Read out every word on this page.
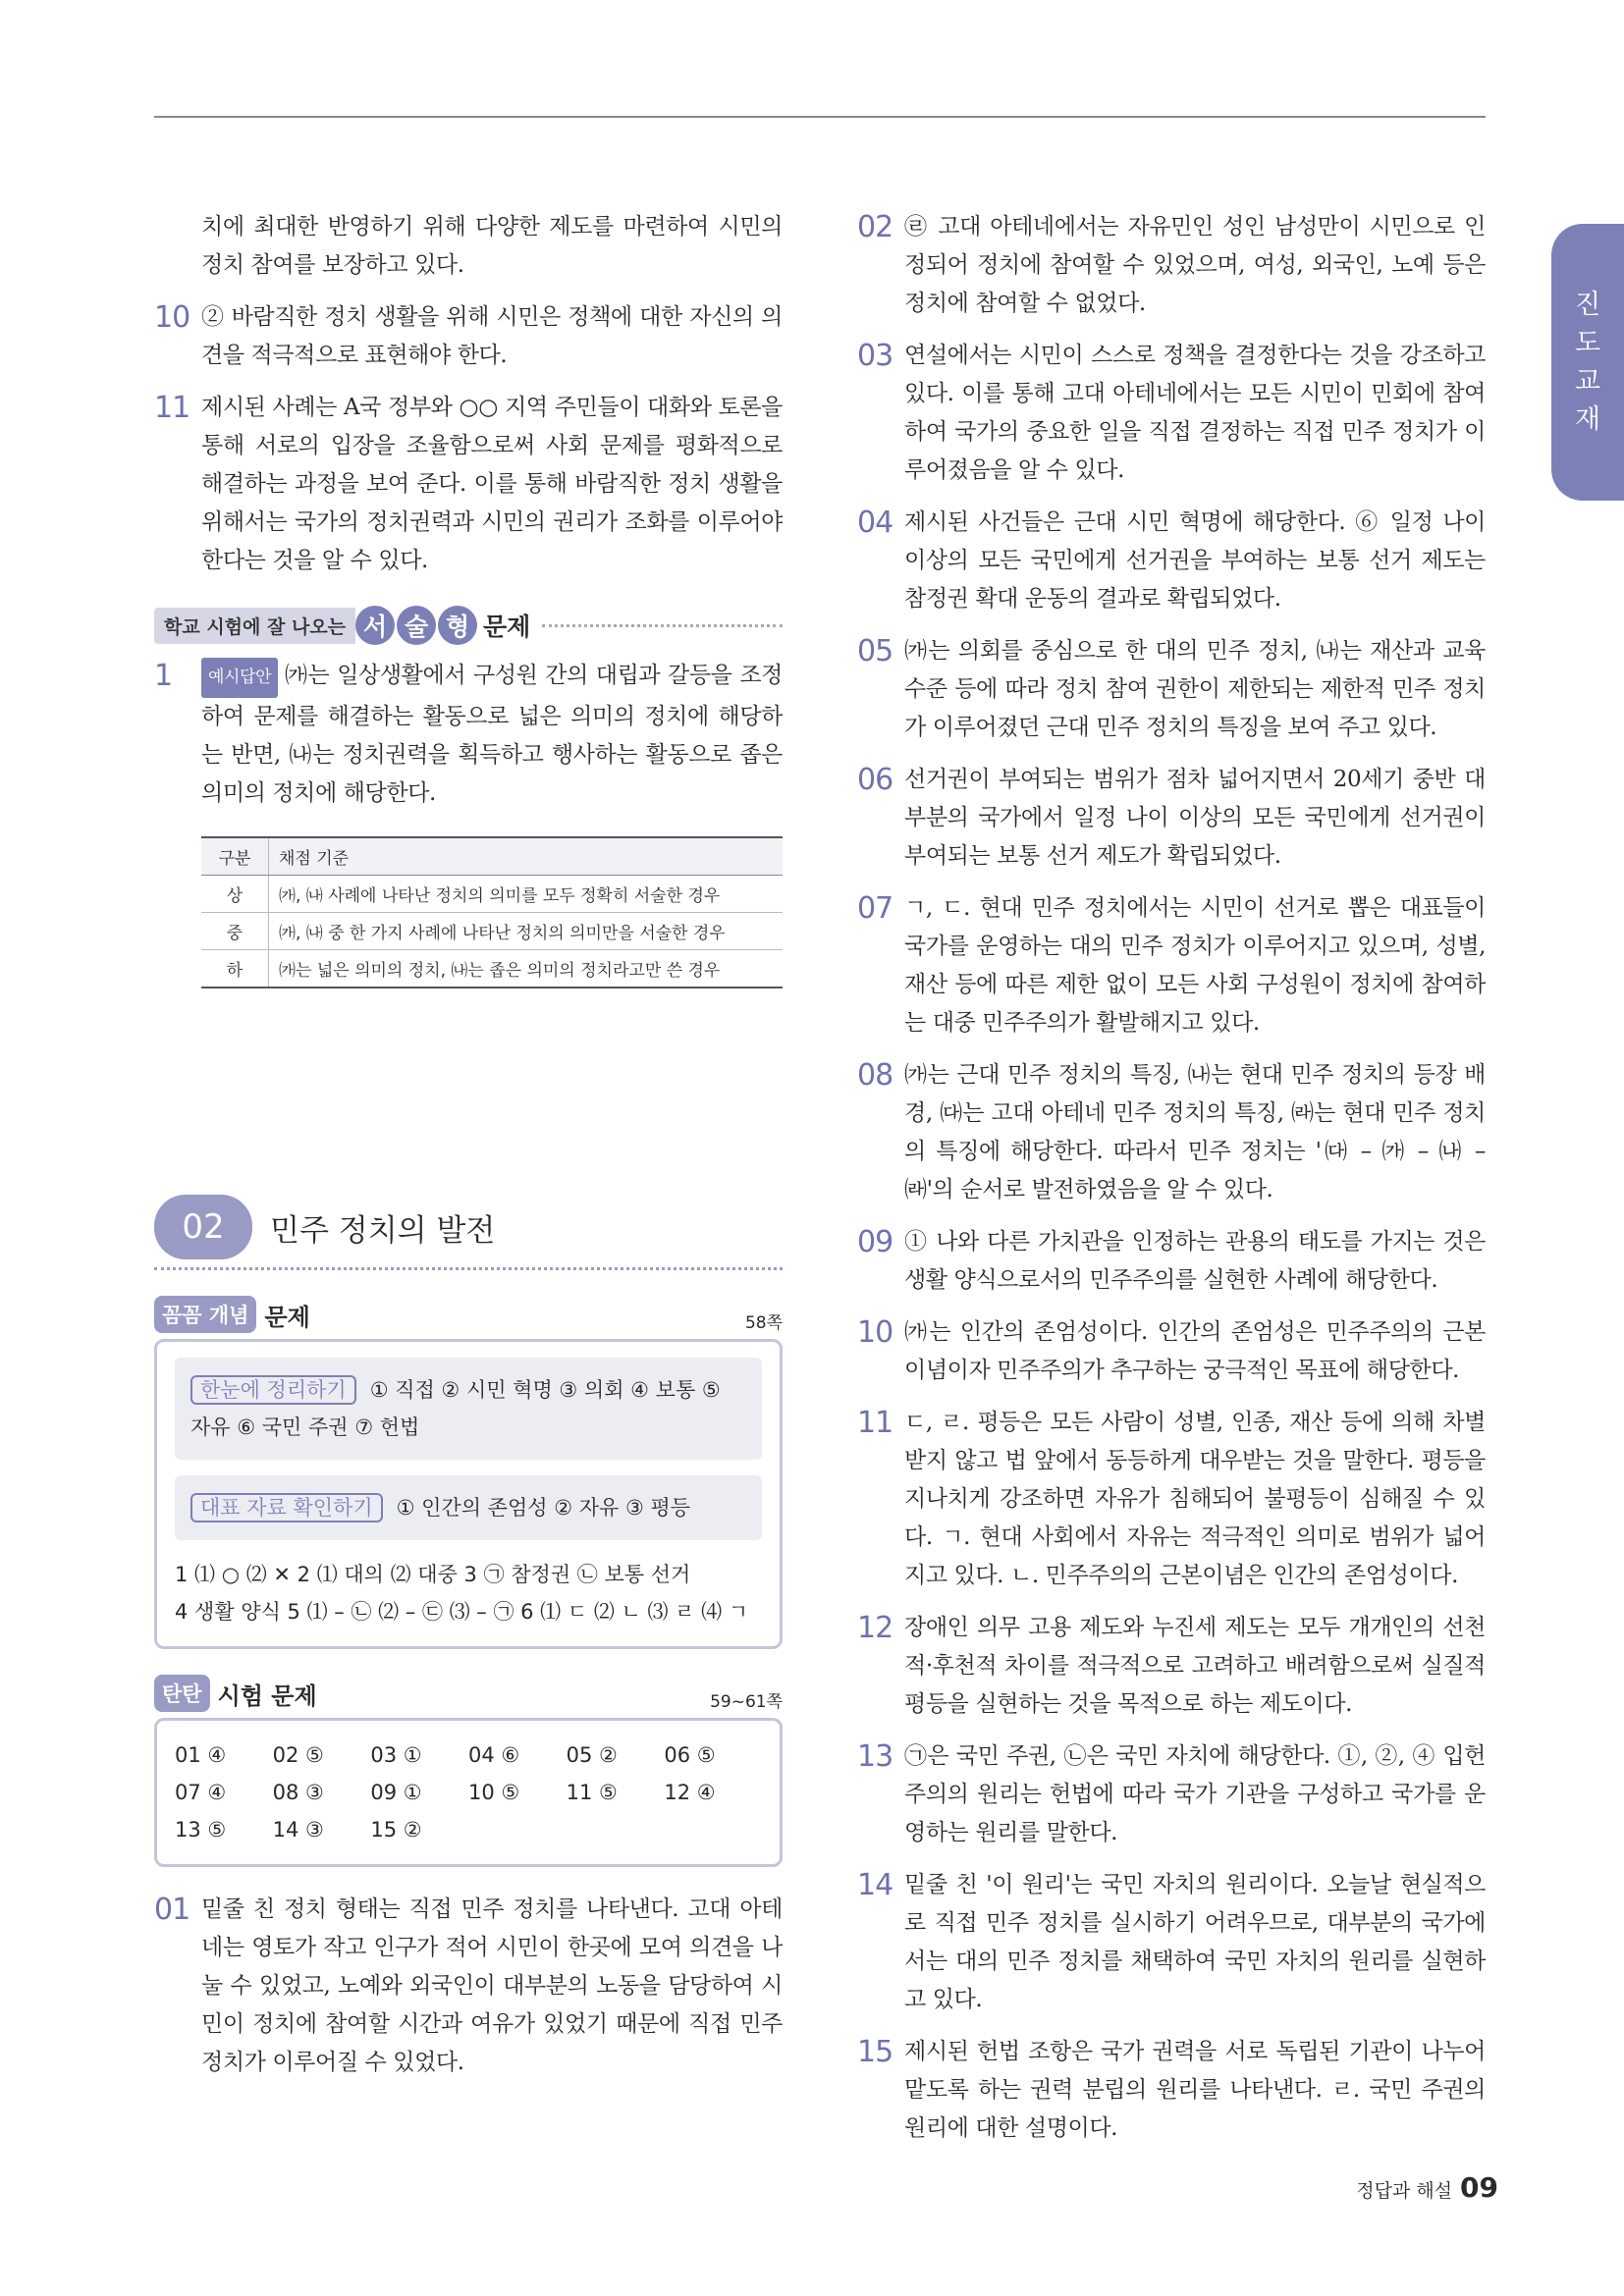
진
도
교
재
치에 최대한 반영하기 위해 다양한 제도를 마련하여 시민의 정치 참여를 보장하고 있다.
10 ② 바람직한 정치 생활을 위해 시민은 정책에 대한 자신의 의견을 적극적으로 표현해야 한다.
11 제시된 사례는 A국 정부와 ○○ 지역 주민들이 대화와 토론을 통해 서로의 입장을 조율함으로써 사회 문제를 평화적으로 해결하는 과정을 보여 준다. 이를 통해 바람직한 정치 생활을 위해서는 국가의 정치권력과 시민의 권리가 조화를 이루어야 한다는 것을 알 수 있다.
학교 시험에 잘 나오는 서 술 형 문제
1 예시답안 ㈎는 일상생활에서 구성원 간의 대립과 갈등을 조정하여 문제를 해결하는 활동으로 넓은 의미의 정치에 해당하는 반면, ㈏는 정치권력을 획득하고 행사하는 활동으로 좁은 의미의 정치에 해당한다.
구분	채점 기준
상	㈎, ㈏ 사례에 나타난 정치의 의미를 모두 정확히 서술한 경우
중	㈎, ㈏ 중 한 가지 사례에 나타난 정치의 의미만을 서술한 경우
하	㈎는 넓은 의미의 정치, ㈏는 좁은 의미의 정치라고만 쓴 경우
02	민주 정치의 발전
꼼꼼 개념 문제	58쪽
한눈에 정리하기 ① 직접 ② 시민 혁명 ③ 의회 ④ 보통 ⑤ 자유 ⑥ 국민 주권 ⑦ 헌법
대표 자료 확인하기 ① 인간의 존엄성 ② 자유 ③ 평등
1 ⑴ ○ ⑵ ✕ 2 ⑴ 대의 ⑵ 대중 3 ㉠ 참정권 ㉡ 보통 선거
4 생활 양식 5 ⑴ – ㉡ ⑵ – ㉢ ⑶ – ㉠ 6 ⑴ ㄷ ⑵ ㄴ ⑶ ㄹ ⑷ ㄱ
탄탄 시험 문제	59~61쪽
01 ④	02 ⑤	03 ①	04 ⑥	05 ②	06 ⑤
07 ④	08 ③	09 ①	10 ⑤	11 ⑤	12 ④
13 ⑤	14 ③	15 ②
01 밑줄 친 정치 형태는 직접 민주 정치를 나타낸다. 고대 아테네는 영토가 작고 인구가 적어 시민이 한곳에 모여 의견을 나눌 수 있었고, 노예와 외국인이 대부분의 노동을 담당하여 시민이 정치에 참여할 시간과 여유가 있었기 때문에 직접 민주 정치가 이루어질 수 있었다.
02 ㉣ 고대 아테네에서는 자유민인 성인 남성만이 시민으로 인정되어 정치에 참여할 수 있었으며, 여성, 외국인, 노예 등은 정치에 참여할 수 없었다.
03 연설에서는 시민이 스스로 정책을 결정한다는 것을 강조하고 있다. 이를 통해 고대 아테네에서는 모든 시민이 민회에 참여하여 국가의 중요한 일을 직접 결정하는 직접 민주 정치가 이루어졌음을 알 수 있다.
04 제시된 사건들은 근대 시민 혁명에 해당한다. ⑥ 일정 나이 이상의 모든 국민에게 선거권을 부여하는 보통 선거 제도는 참정권 확대 운동의 결과로 확립되었다.
05 ㈎는 의회를 중심으로 한 대의 민주 정치, ㈏는 재산과 교육 수준 등에 따라 정치 참여 권한이 제한되는 제한적 민주 정치가 이루어졌던 근대 민주 정치의 특징을 보여 주고 있다.
06 선거권이 부여되는 범위가 점차 넓어지면서 20세기 중반 대부분의 국가에서 일정 나이 이상의 모든 국민에게 선거권이 부여되는 보통 선거 제도가 확립되었다.
07 ㄱ, ㄷ. 현대 민주 정치에서는 시민이 선거로 뽑은 대표들이 국가를 운영하는 대의 민주 정치가 이루어지고 있으며, 성별, 재산 등에 따른 제한 없이 모든 사회 구성원이 정치에 참여하는 대중 민주주의가 활발해지고 있다.
08 ㈎는 근대 민주 정치의 특징, ㈏는 현대 민주 정치의 등장 배경, ㈐는 고대 아테네 민주 정치의 특징, ㈑는 현대 민주 정치의 특징에 해당한다. 따라서 민주 정치는 '㈐ – ㈎ – ㈏ – ㈑'의 순서로 발전하였음을 알 수 있다.
09 ① 나와 다른 가치관을 인정하는 관용의 태도를 가지는 것은 생활 양식으로서의 민주주의를 실현한 사례에 해당한다.
10 ㈎는 인간의 존엄성이다. 인간의 존엄성은 민주주의의 근본이념이자 민주주의가 추구하는 궁극적인 목표에 해당한다.
11 ㄷ, ㄹ. 평등은 모든 사람이 성별, 인종, 재산 등에 의해 차별받지 않고 법 앞에서 동등하게 대우받는 것을 말한다. 평등을 지나치게 강조하면 자유가 침해되어 불평등이 심해질 수 있다. ㄱ. 현대 사회에서 자유는 적극적인 의미로 범위가 넓어지고 있다. ㄴ. 민주주의의 근본이념은 인간의 존엄성이다.
12 장애인 의무 고용 제도와 누진세 제도는 모두 개개인의 선천적·후천적 차이를 적극적으로 고려하고 배려함으로써 실질적 평등을 실현하는 것을 목적으로 하는 제도이다.
13 ㉠은 국민 주권, ㉡은 국민 자치에 해당한다. ①, ②, ④ 입헌주의의 원리는 헌법에 따라 국가 기관을 구성하고 국가를 운영하는 원리를 말한다.
14 밑줄 친 '이 원리'는 국민 자치의 원리이다. 오늘날 현실적으로 직접 민주 정치를 실시하기 어려우므로, 대부분의 국가에서는 대의 민주 정치를 채택하여 국민 자치의 원리를 실현하고 있다.
15 제시된 헌법 조항은 국가 권력을 서로 독립된 기관이 나누어 맡도록 하는 권력 분립의 원리를 나타낸다. ㄹ. 국민 주권의 원리에 대한 설명이다.
정답과 해설 09
